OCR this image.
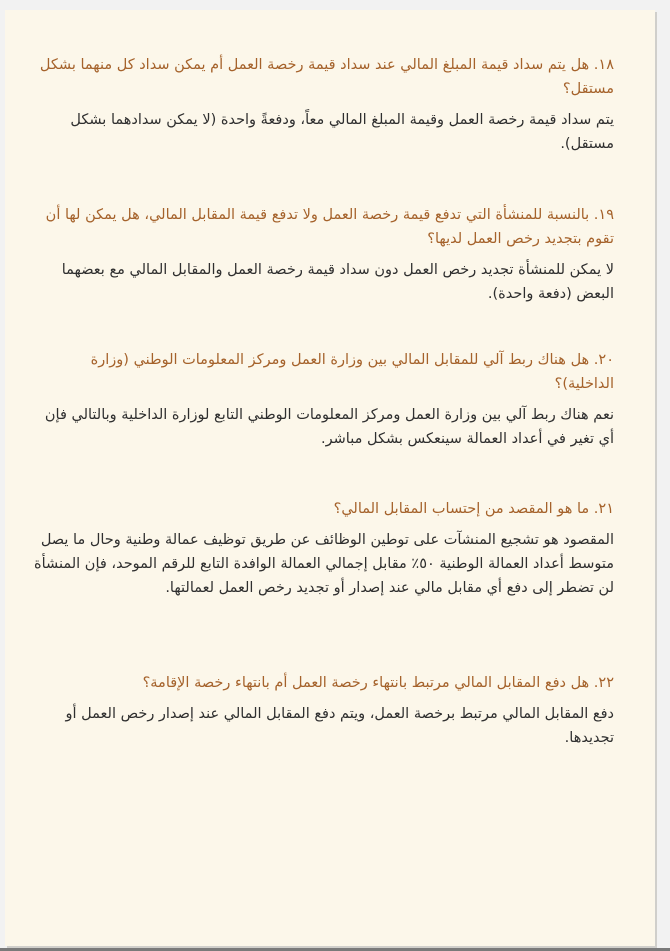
١٨. هل يتم سداد قيمة المبلغ المالي عند سداد قيمة رخصة العمل أم يمكن سداد كل منهما بشكل مستقل؟

يتم سداد قيمة رخصة العمل وقيمة المبلغ المالي معاً، ودفعةً واحدة (لا يمكن سدادهما بشكل مستقل).

١٩. بالنسبة للمنشأة التي تدفع قيمة رخصة العمل ولا تدفع قيمة المقابل المالي، هل يمكن لها أن تقوم بتجديد رخص العمل لديها؟

لا يمكن للمنشأة تجديد رخص العمل دون سداد قيمة رخصة العمل والمقابل المالي مع بعضهما البعض (دفعة واحدة).

٢٠. هل هناك ربط آلي للمقابل المالي بين وزارة العمل ومركز المعلومات الوطني (وزارة الداخلية)؟

نعم هناك ربط آلي بين وزارة العمل ومركز المعلومات الوطني التابع لوزارة الداخلية وبالتالي فإن أي تغير في أعداد العمالة سينعكس بشكل مباشر.

٢١. ما هو المقصد من إحتساب المقابل المالي؟

المقصود هو تشجيع المنشآت على توطين الوظائف عن طريق توظيف عمالة وطنية وحال ما يصل متوسط أعداد العمالة الوطنية ٥٠٪ مقابل إجمالي العمالة الوافدة التابع للرقم الموحد، فإن المنشأة لن تضطر إلى دفع أي مقابل مالي عند إصدار أو تجديد رخص العمل لعمالتها.

٢٢. هل دفع المقابل المالي مرتبط بانتهاء رخصة العمل أم بانتهاء رخصة الإقامة؟

دفع المقابل المالي مرتبط برخصة العمل، ويتم دفع المقابل المالي عند إصدار رخص العمل أو تجديدها.
